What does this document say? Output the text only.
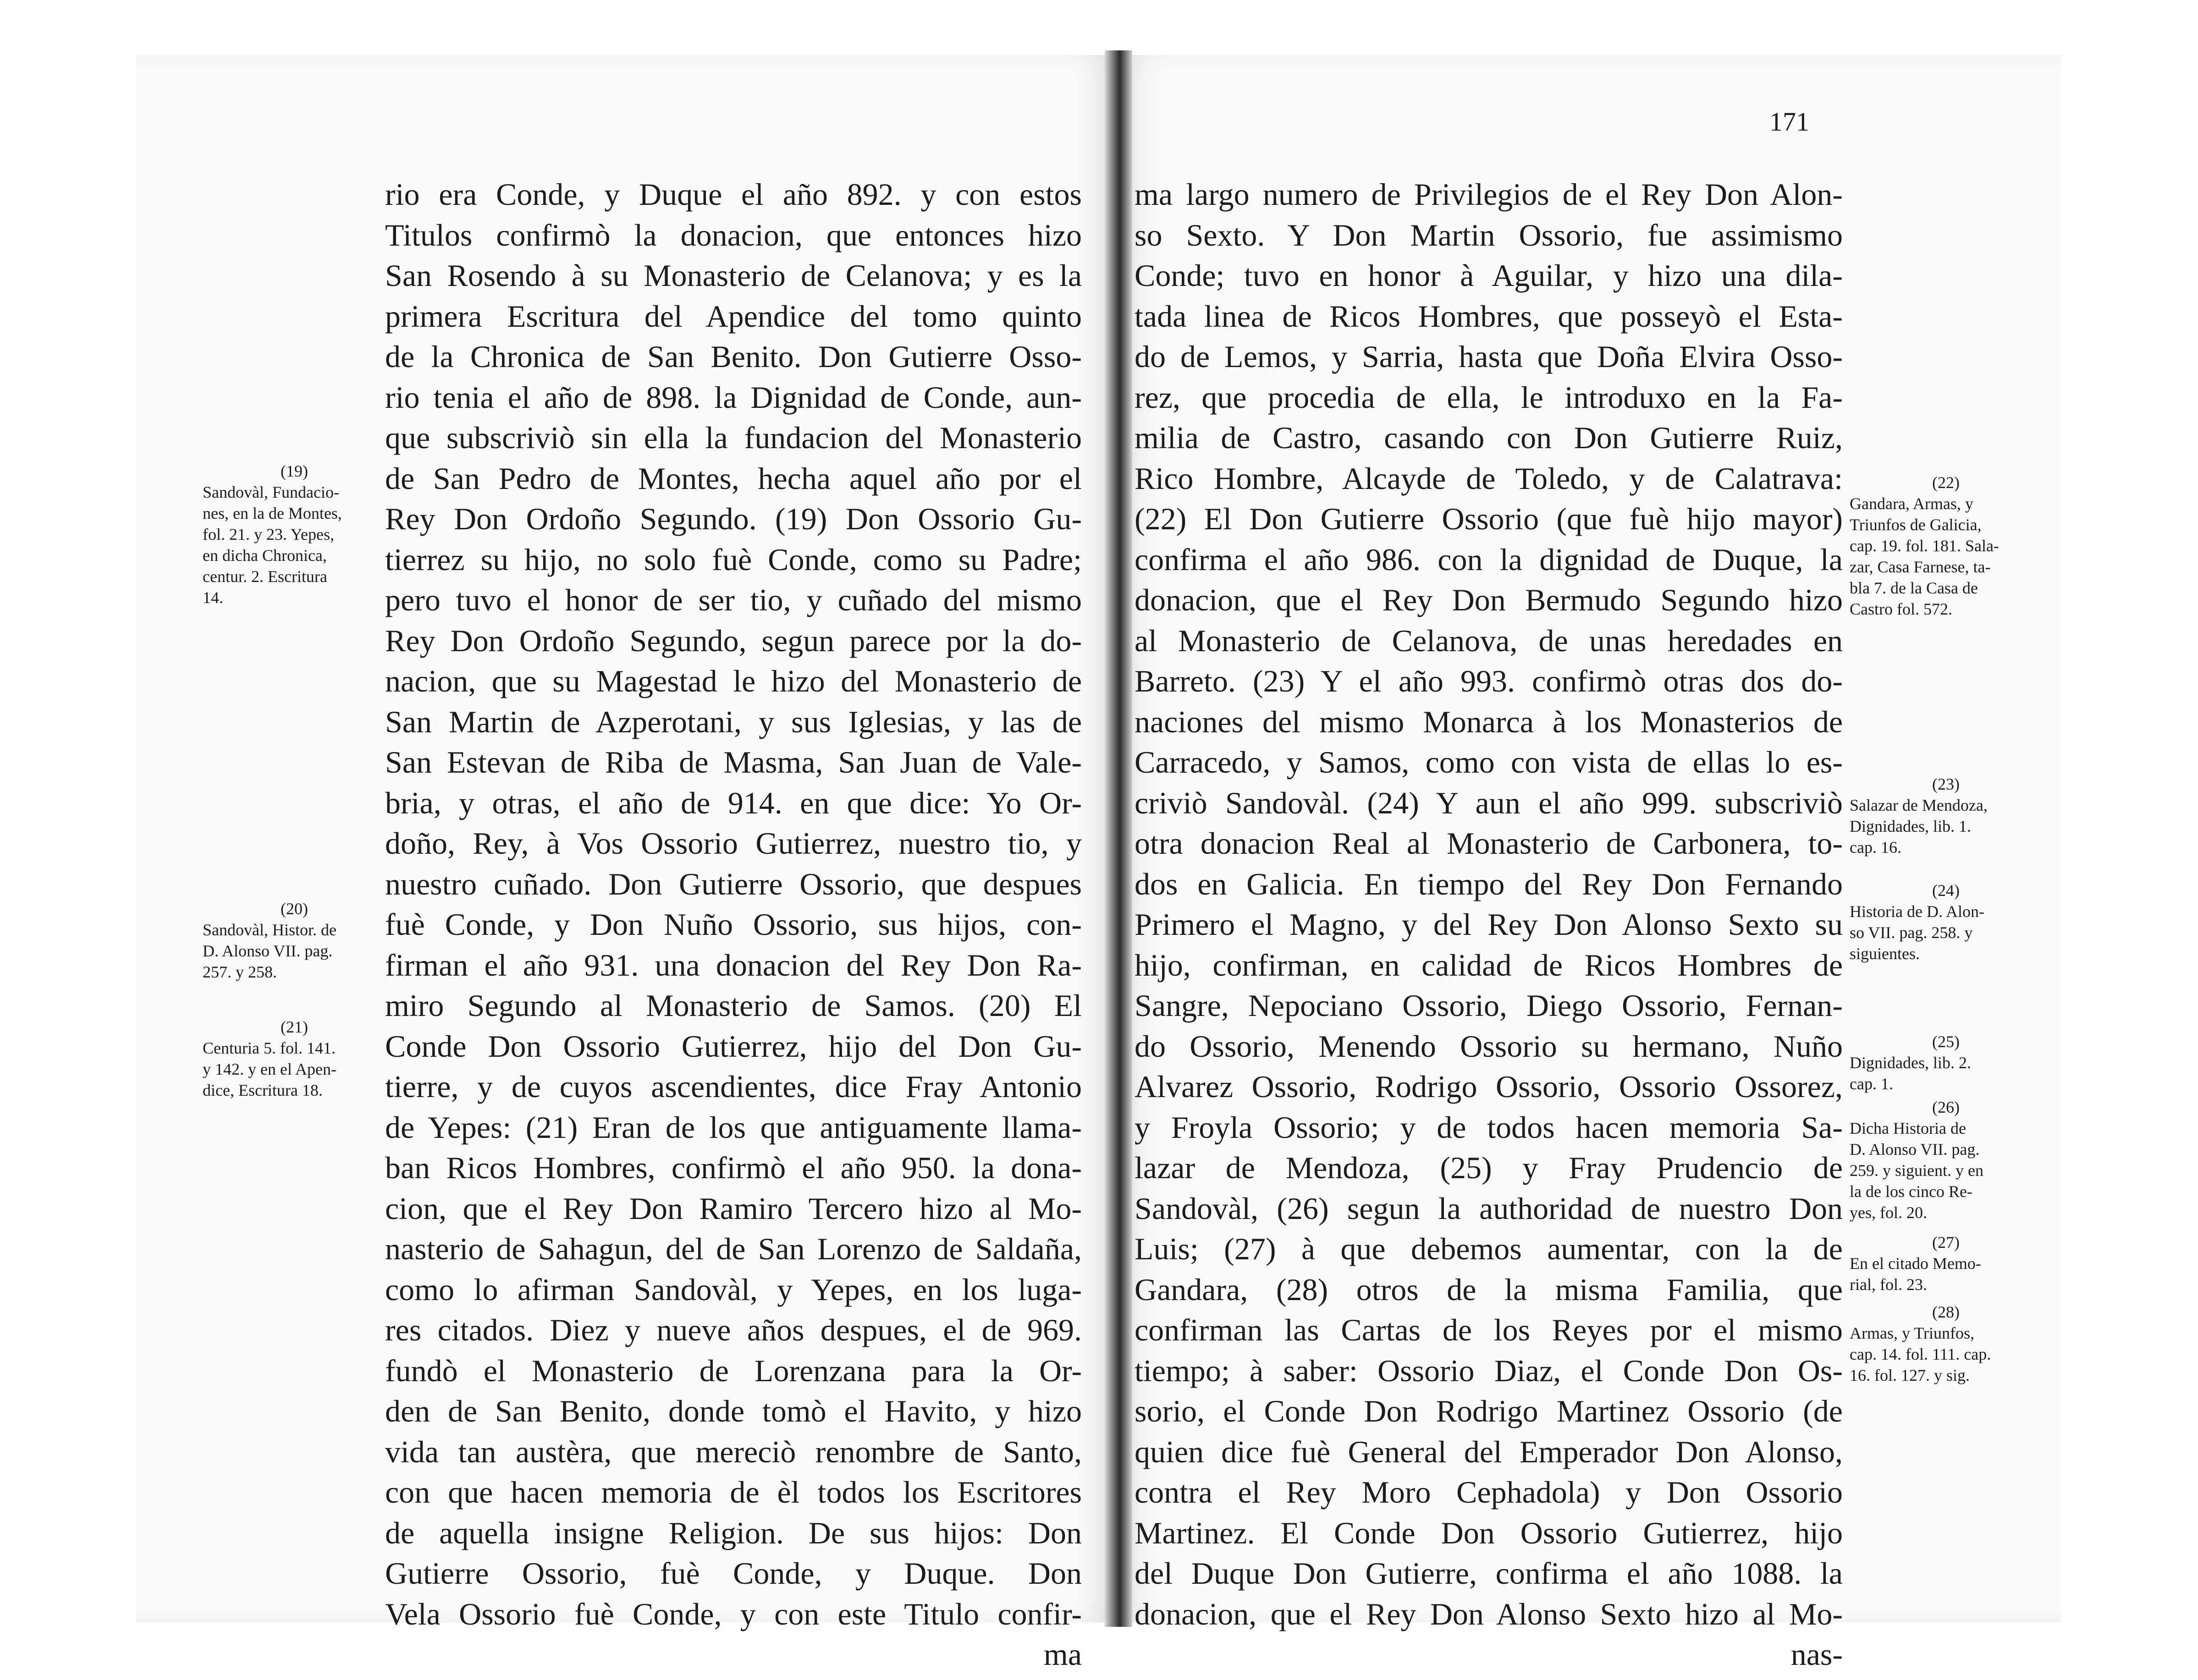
171
rio era Conde, y Duque el año 892. y con estos
Titulos confirmò la donacion, que entonces hizo
San Rosendo à su Monasterio de Celanova; y es la
primera Escritura del Apendice del tomo quinto
de la Chronica de San Benito. Don Gutierre Osso-
rio tenia el año de 898. la Dignidad de Conde, aun-
que subscriviò sin ella la fundacion del Monasterio
de San Pedro de Montes, hecha aquel año por el
Rey Don Ordoño Segundo. (19) Don Ossorio Gu-
tierrez su hijo, no solo fuè Conde, como su Padre;
pero tuvo el honor de ser tio, y cuñado del mismo
Rey Don Ordoño Segundo, segun parece por la do-
nacion, que su Magestad le hizo del Monasterio de
San Martin de Azperotani, y sus Iglesias, y las de
San Estevan de Riba de Masma, San Juan de Vale-
bria, y otras, el año de 914. en que dice: Yo Or-
doño, Rey, à Vos Ossorio Gutierrez, nuestro tio, y
nuestro cuñado. Don Gutierre Ossorio, que despues
fuè Conde, y Don Nuño Ossorio, sus hijos, con-
firman el año 931. una donacion del Rey Don Ra-
miro Segundo al Monasterio de Samos. (20) El
Conde Don Ossorio Gutierrez, hijo del Don Gu-
tierre, y de cuyos ascendientes, dice Fray Antonio
de Yepes: (21) Eran de los que antiguamente llama-
ban Ricos Hombres, confirmò el año 950. la dona-
cion, que el Rey Don Ramiro Tercero hizo al Mo-
nasterio de Sahagun, del de San Lorenzo de Saldaña,
como lo afirman Sandovàl, y Yepes, en los luga-
res citados. Diez y nueve años despues, el de 969.
fundò el Monasterio de Lorenzana para la Or-
den de San Benito, donde tomò el Havito, y hizo
vida tan austèra, que mereciò renombre de Santo,
con que hacen memoria de èl todos los Escritores
de aquella insigne Religion. De sus hijos: Don
Gutierre Ossorio, fuè Conde, y Duque. Don
Vela Ossorio fuè Conde, y con este Titulo confir-
ma
ma largo numero de Privilegios de el Rey Don Alon-
so Sexto. Y Don Martin Ossorio, fue assimismo
Conde; tuvo en honor à Aguilar, y hizo una dila-
tada linea de Ricos Hombres, que posseyò el Esta-
do de Lemos, y Sarria, hasta que Doña Elvira Osso-
rez, que procedia de ella, le introduxo en la Fa-
milia de Castro, casando con Don Gutierre Ruiz,
Rico Hombre, Alcayde de Toledo, y de Calatrava:
(22) El Don Gutierre Ossorio (que fuè hijo mayor)
confirma el año 986. con la dignidad de Duque, la
donacion, que el Rey Don Bermudo Segundo hizo
al Monasterio de Celanova, de unas heredades en
Barreto. (23) Y el año 993. confirmò otras dos do-
naciones del mismo Monarca à los Monasterios de
Carracedo, y Samos, como con vista de ellas lo es-
criviò Sandovàl. (24) Y aun el año 999. subscriviò
otra donacion Real al Monasterio de Carbonera, to-
dos en Galicia. En tiempo del Rey Don Fernando
Primero el Magno, y del Rey Don Alonso Sexto su
hijo, confirman, en calidad de Ricos Hombres de
Sangre, Nepociano Ossorio, Diego Ossorio, Fernan-
do Ossorio, Menendo Ossorio su hermano, Nuño
Alvarez Ossorio, Rodrigo Ossorio, Ossorio Ossorez,
y Froyla Ossorio; y de todos hacen memoria Sa-
lazar de Mendoza, (25) y Fray Prudencio de
Sandovàl, (26) segun la authoridad de nuestro Don
Luis; (27) à que debemos aumentar, con la de
Gandara, (28) otros de la misma Familia, que
confirman las Cartas de los Reyes por el mismo
tiempo; à saber: Ossorio Diaz, el Conde Don Os-
sorio, el Conde Don Rodrigo Martinez Ossorio (de
quien dice fuè General del Emperador Don Alonso,
contra el Rey Moro Cephadola) y Don Ossorio
Martinez. El Conde Don Ossorio Gutierrez, hijo
del Duque Don Gutierre, confirma el año 1088. la
donacion, que el Rey Don Alonso Sexto hizo al Mo-
nas-
(19)
Sandovàl, Fundacio-
nes, en la de Montes,
fol. 21. y 23. Yepes,
en dicha Chronica,
centur. 2. Escritura
14.
(20)
Sandovàl, Histor. de
D. Alonso VII. pag.
257. y 258.
(21)
Centuria 5. fol. 141.
y 142. y en el Apen-
dice, Escritura 18.
(22)
Gandara, Armas, y
Triunfos de Galicia,
cap. 19. fol. 181. Sala-
zar, Casa Farnese, ta-
bla 7. de la Casa de
Castro fol. 572.
(23)
Salazar de Mendoza,
Dignidades, lib. 1.
cap. 16.
(24)
Historia de D. Alon-
so VII. pag. 258. y
siguientes.
(25)
Dignidades, lib. 2.
cap. 1.
(26)
Dicha Historia de
D. Alonso VII. pag.
259. y siguient. y en
la de los cinco Re-
yes, fol. 20.
(27)
En el citado Memo-
rial, fol. 23.
(28)
Armas, y Triunfos,
cap. 14. fol. 111. cap.
16. fol. 127. y sig.
